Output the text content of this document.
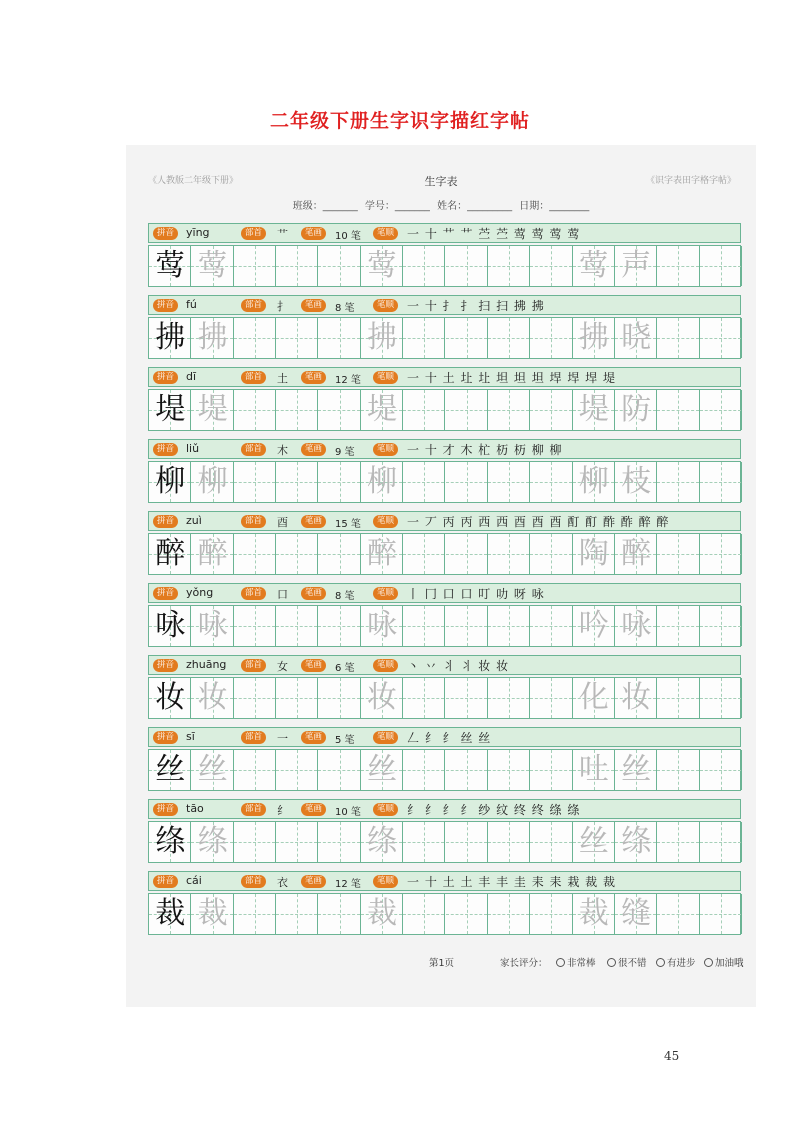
二年级下册生字识字描红字帖
《人教版二年级下册》	生字表	《识字表田字格字帖》
班级：_______ 学号：_______ 姓名：_________ 日期：________
拼音	yīng	部首	艹	笔画	10 笔	笔顺	一 十 艹 艹 苎 苎 莺 莺 莺 莺
莺 莺	莺	莺 声
拼音	fú	部首	扌	笔画	8 笔	笔顺	一 十 扌 扌 扫 扫 拂 拂
拂 拂	拂	拂 晓
拼音	dī	部首	土	笔画	12 笔	笔顺	一 十 土 圵 圵 坦 坦 坦 垾 垾 垾 堤
堤 堤	堤	堤 防
拼音	liǔ	部首	木	笔画	9 笔	笔顺	一 十 才 木 杧 杤 杤 柳 柳
柳 柳	柳	柳 枝
拼音	zuì	部首	酉	笔画	15 笔	笔顺	一 丆 丙 丙 西 西 酉 酉 酉 酊 酊 酢 酢 醉 醉
醉 醉	醉	陶 醉
拼音	yǒng	部首	口	笔画	8 笔	笔顺	丨 冂 口 口 叮 叻 呀 咏
咏 咏	咏	吟 咏
拼音	zhuāng	部首	女	笔画	6 笔	笔顺	丶 丷 丬 丬 妆 妆
妆 妆	妆	化 妆
拼音	sī	部首	一	笔画	5 笔	笔顺	𠃋 纟 纟 丝 丝
丝 丝	丝	吐 丝
拼音	tāo	部首	纟	笔画	10 笔	笔顺	纟 纟 纟 纟 纱 纹 终 终 绦 绦
绦 绦	绦	丝 绦
拼音	cái	部首	衣	笔画	12 笔	笔顺	一 十 土 土 丰 丰 圭 耒 耒 栽 裁 裁
裁 裁	裁	裁 缝
第1页	家长评分：	非常棒	很不错	有进步	加油哦
45
